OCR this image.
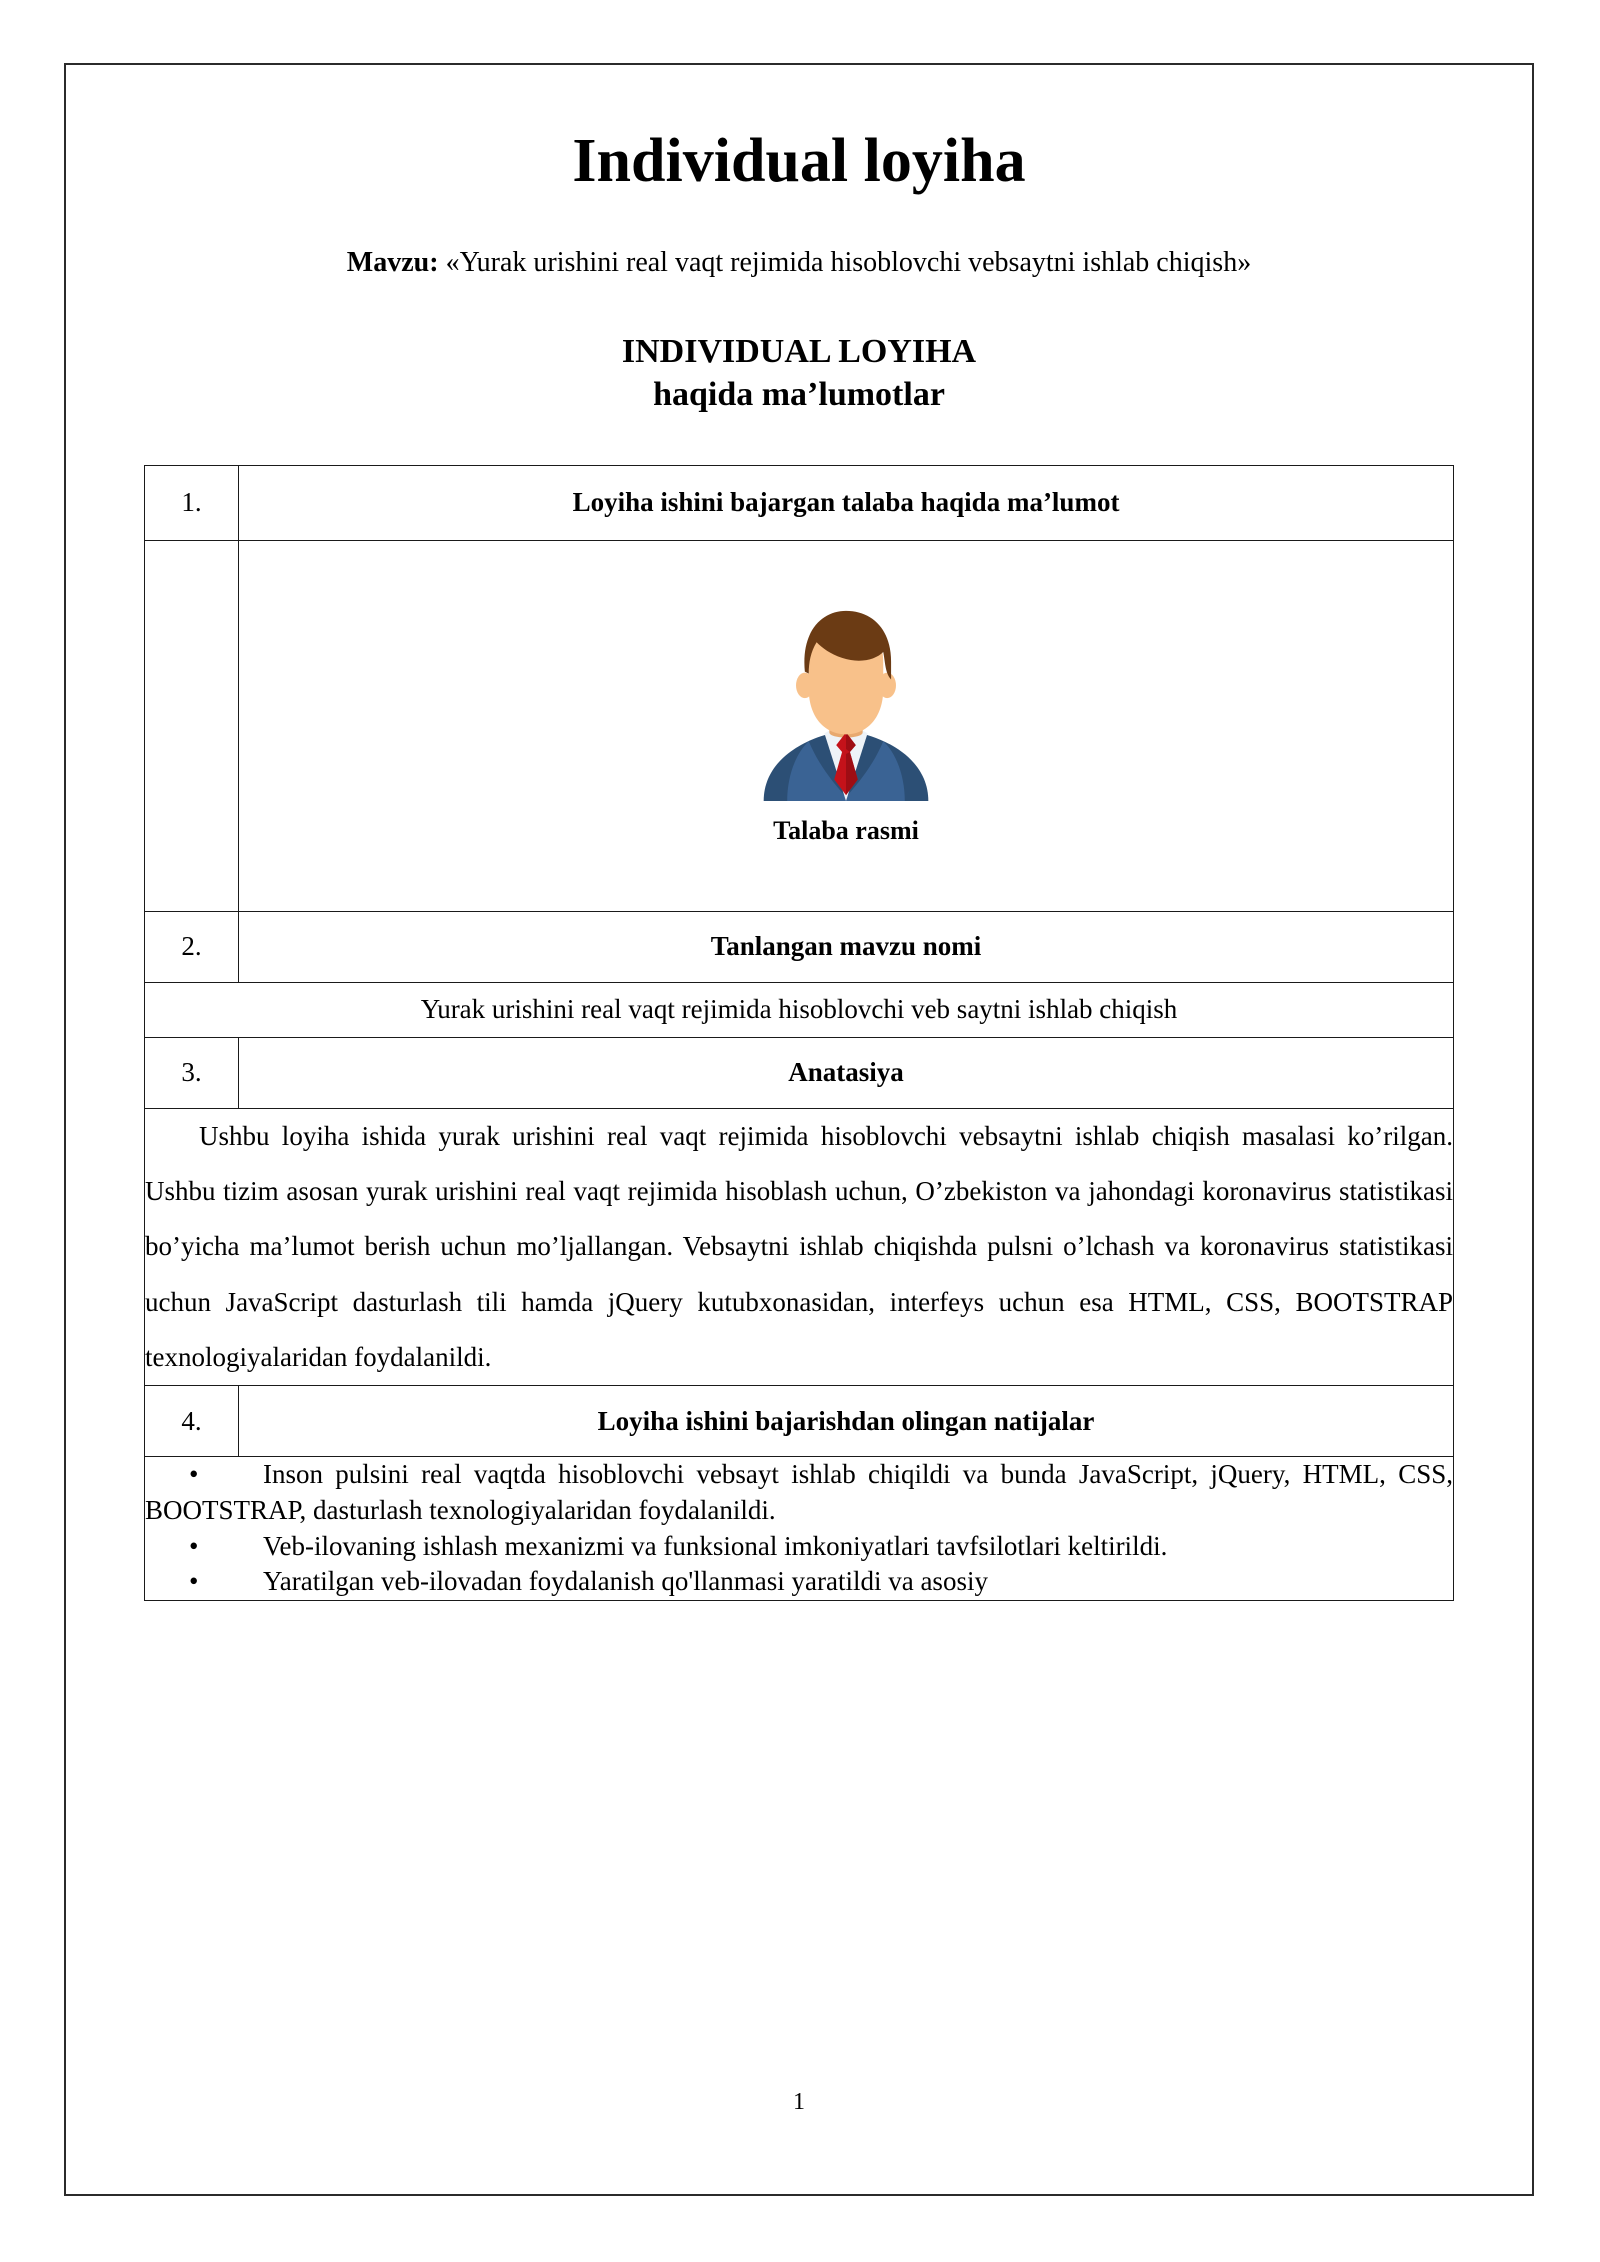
Individual loyiha

Mavzu: «Yurak urishini real vaqt rejimida hisoblovchi vebsaytni ishlab chiqish»

INDIVIDUAL LOYIHA
haqida ma’lumotlar
1.	Loyiha ishini bajargan talaba haqida ma’lumot

	Talaba rasmi

2.	Tanlangan mavzu nomi
Yurak urishini real vaqt rejimida hisoblovchi veb saytni ishlab chiqish	
3.	Anatasiya

Ushbu loyiha ishida yurak urishini real vaqt rejimida hisoblovchi vebsaytni ishlab chiqish masalasi ko’rilgan. Ushbu tizim asosan yurak urishini real vaqt rejimida hisoblash uchun, O’zbekiston va jahondagi koronavirus statistikasi bo’yicha ma’lumot berish uchun mo’ljallangan. Vebsaytni ishlab chiqishda pulsni o’lchash va koronavirus statistikasi uchun JavaScript dasturlash tili hamda jQuery kutubxonasidan, interfeys uchun esa HTML, CSS, BOOTSTRAP texnologiyalaridan foydalanildi.	

4.	Loyiha ishini bajarishdan olingan natijalar

• Inson pulsini real vaqtda hisoblovchi vebsayt ishlab chiqildi va bunda JavaScript, jQuery, HTML, CSS, BOOTSTRAP, dasturlash texnologiyalaridan foydalanildi.

• Veb-ilovaning ishlash mexanizmi va funksional imkoniyatlari tavfsilotlari keltirildi.

• Yaratilgan veb-ilovadan foydalanish qo'llanmasi yaratildi va asosiy	

1
